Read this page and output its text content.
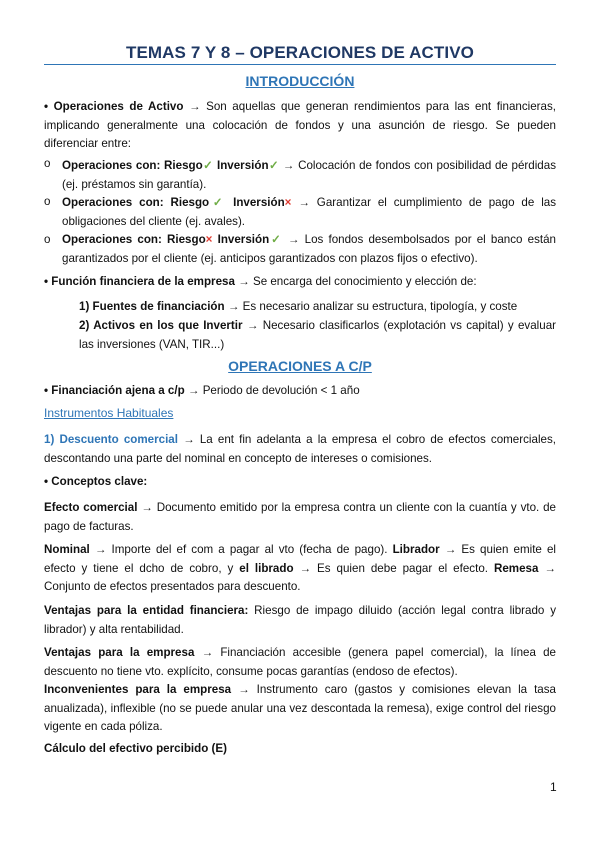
TEMAS 7 Y 8 – OPERACIONES DE ACTIVO
INTRODUCCIÓN
• Operaciones de Activo → Son aquellas que generan rendimientos para las ent financieras, implicando generalmente una colocación de fondos y una asunción de riesgo. Se pueden diferenciar entre:
o Operaciones con: Riesgo✓ Inversión✓ → Colocación de fondos con posibilidad de pérdidas (ej. préstamos sin garantía).
o Operaciones con: Riesgo✓ Inversión× → Garantizar el cumplimiento de pago de las obligaciones del cliente (ej. avales).
o Operaciones con: Riesgo× Inversión✓ → Los fondos desembolsados por el banco están garantizados por el cliente (ej. anticipos garantizados con plazos fijos o efectivo).
• Función financiera de la empresa → Se encarga del conocimiento y elección de:
1) Fuentes de financiación → Es necesario analizar su estructura, tipología, y coste
2) Activos en los que Invertir → Necesario clasificarlos (explotación vs capital) y evaluar las inversiones (VAN, TIR...)
OPERACIONES A C/P
• Financiación ajena a c/p → Periodo de devolución < 1 año
Instrumentos Habituales
1) Descuento comercial → La ent fin adelanta a la empresa el cobro de efectos comerciales, descontando una parte del nominal en concepto de intereses o comisiones.
• Conceptos clave:
Efecto comercial → Documento emitido por la empresa contra un cliente con la cuantía y vto. de pago de facturas.
Nominal → Importe del ef com a pagar al vto (fecha de pago). Librador → Es quien emite el efecto y tiene el dcho de cobro, y el librado → Es quien debe pagar el efecto. Remesa → Conjunto de efectos presentados para descuento.
Ventajas para la entidad financiera: Riesgo de impago diluido (acción legal contra librado y librador) y alta rentabilidad.
Ventajas para la empresa → Financiación accesible (genera papel comercial), la línea de descuento no tiene vto. explícito, consume pocas garantías (endoso de efectos).
Inconvenientes para la empresa → Instrumento caro (gastos y comisiones elevan la tasa anualizada), inflexible (no se puede anular una vez descontada la remesa), exige control del riesgo vigente en cada póliza.
Cálculo del efectivo percibido (E)
1
